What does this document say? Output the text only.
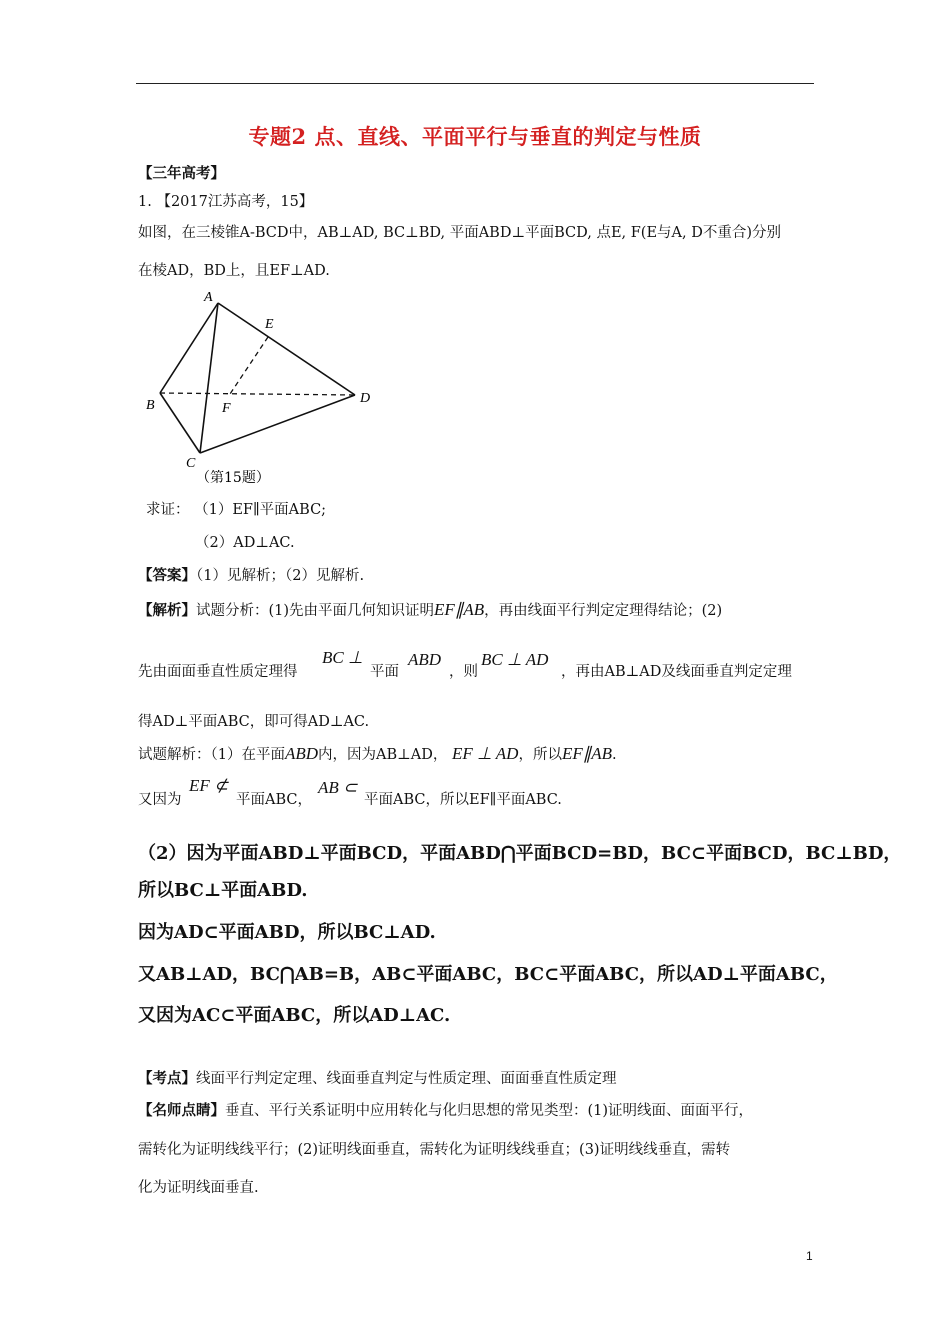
专题2 点、直线、平面平行与垂直的判定与性质
【三年高考】
1. 【2017江苏高考，15】
如图，在三棱锥A-BCD中，AB⊥AD, BC⊥BD, 平面ABD⊥平面BCD, 点E, F(E与A, D不重合)分别
在棱AD，BD上，且EF⊥AD.
A
E
B	F
D
C
（第15题）
求证： （1）EF∥平面ABC;
（2）AD⊥AC.
【答案】（1）见解析；（2）见解析.
【解析】试题分析：(1)先由平面几何知识证明EF∥AB，再由线面平行判定定理得结论；(2)
先由面面垂直性质定理得
BC ⊥
平面
ABD
，则
BC ⊥ AD
，再由AB⊥AD及线面垂直判定定理
得AD⊥平面ABC，即可得AD⊥AC.
试题解析：（1）在平面ABD内，因为AB⊥AD， EF ⊥ AD，所以EF∥AB.
又因为
EF ⊄
平面ABC，
AB ⊂
平面ABC，所以EF∥平面ABC.
（2）因为平面ABD⊥平面BCD，平面ABD⋂平面BCD=BD，BC⊂平面BCD，BC⊥BD，
所以BC⊥平面ABD.
因为AD⊂平面ABD，所以BC⊥AD.
又AB⊥AD，BC⋂AB=B，AB⊂平面ABC，BC⊂平面ABC，所以AD⊥平面ABC，
又因为AC⊂平面ABC，所以AD⊥AC.
【考点】线面平行判定定理、线面垂直判定与性质定理、面面垂直性质定理
【名师点睛】垂直、平行关系证明中应用转化与化归思想的常见类型：(1)证明线面、面面平行，
需转化为证明线线平行；(2)证明线面垂直，需转化为证明线线垂直；(3)证明线线垂直，需转
化为证明线面垂直.
1
